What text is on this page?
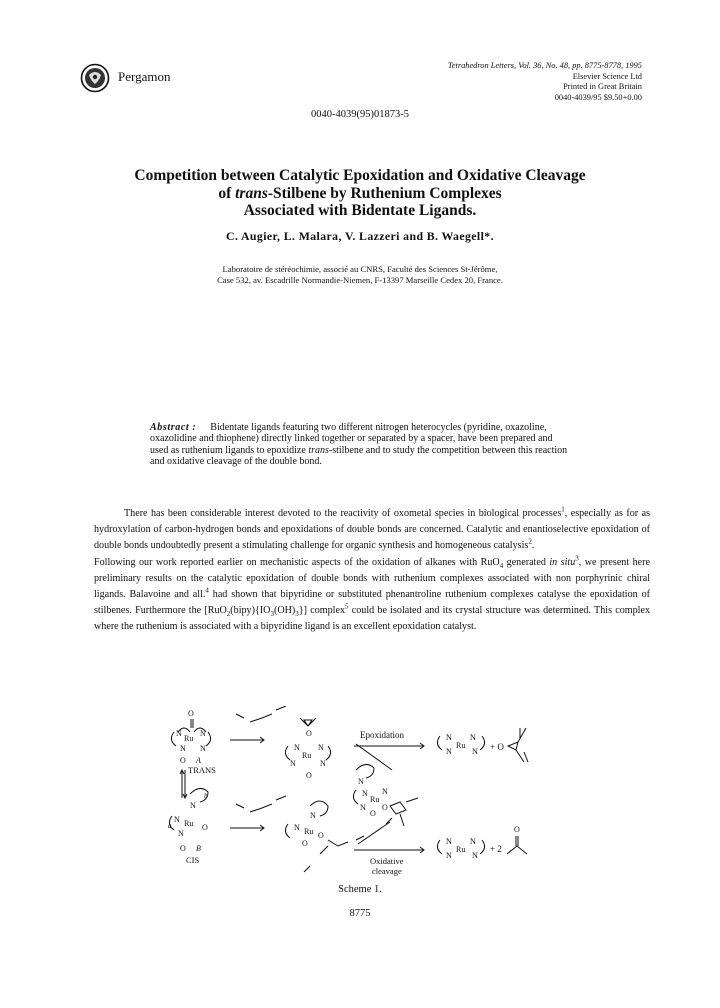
Pergamon
Tetrahedron Letters, Vol. 36, No. 48, pp. 8775-8778, 1995
Elsevier Science Ltd
Printed in Great Britain
0040-4039/95 $9.50+0.00
0040-4039(95)01873-5
Competition between Catalytic Epoxidation and Oxidative Cleavage
of trans-Stilbene by Ruthenium Complexes
Associated with Bidentate Ligands.
C. Augier, L. Malara, V. Lazzeri and B. Waegell*.
Laboratoire de stéréochimie, associé au CNRS, Faculté des Sciences St-Jérôme,
Case 532, av. Escadrille Normandie-Niemen, F-13397 Marseille Cedex 20, France.
Abstract : Bidentate ligands featuring two different nitrogen heterocycles (pyridine, oxazoline, oxazolidine and thiophene) directly linked together or separated by a spacer, have been prepared and used as ruthenium ligands to epoxidize trans-stilbene and to study the competition between this reaction and oxidative cleavage of the double bond.

There has been considerable interest devoted to the reactivity of oxometal species in biological processes$^1$, especially as for as hydroxylation of carbon-hydrogen bonds and epoxidations of double bonds are concerned. Catalytic and enantioselective epoxidation of double bonds undoubtedly present a stimulating challenge for organic synthesis and homogeneous catalysis$^2$.

Following our work reported earlier on mechanistic aspects of the oxidation of alkanes with RuO$_4$ generated in situ$^3$, we present here preliminary results on the catalytic epoxidation of double bonds with ruthenium complexes associated with non porphyrinic chiral ligands. Balavoine and all.$^4$ had shown that bipyridine or substituted phenantroline ruthenium complexes catalyse the epoxidation of stilbenes. Furthermore the $[RuO_2(bipy)\{IO_3(OH)_3\}]$ complex$^5$ could be isolated and its crystal structure was determined. This complex where the ruthenium is associated with a bipyridine ligand is an excellent epoxidation catalyst.

N N
Ru
O
N N
O A
TRANS
N
b
N
a Ru O
N
O B
CIS
O
N N
Ru
N	N
O
N
N Ru O
O
Epoxidation
N
N N
Ru
N O
O
Oxidative
cleavage
N N
Ru
N	N + O
N N
Ru
N	N
+ 2
O
Scheme 1.
8775
